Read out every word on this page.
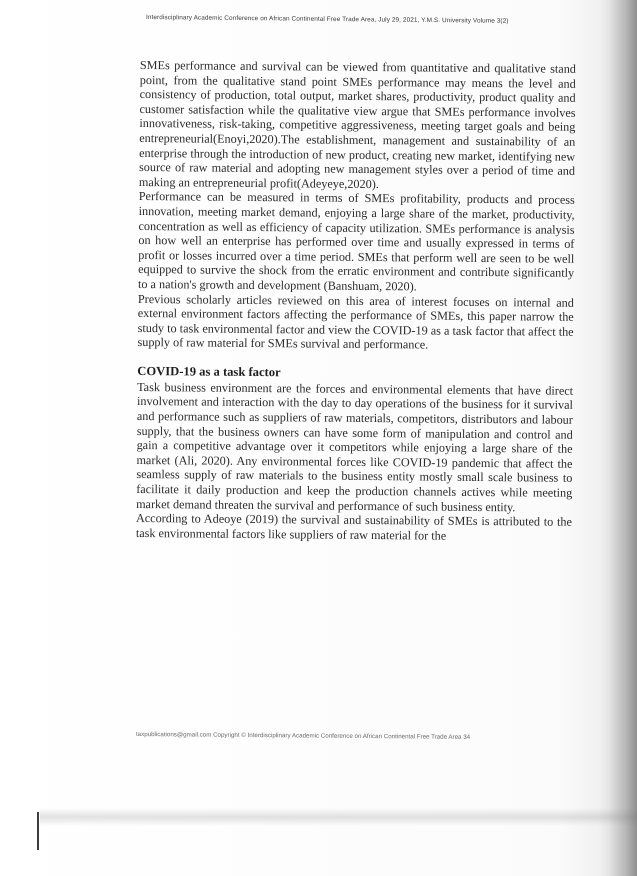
Interdisciplinary Academic Conference on African Continental Free Trade Area, July 29, 2021, Y.M.S. University Volume 3(2)

SMEs performance and survival can be viewed from quantitative and qualitative stand point, from the qualitative stand point SMEs performance may means the level and consistency of production, total output, market shares, productivity, product quality and customer satisfaction while the qualitative view argue that SMEs performance involves innovativeness, risk-taking, competitive aggressiveness, meeting target goals and being entrepreneurial(Enoyi,2020).The establishment, management and sustainability of an enterprise through the introduction of new product, creating new market, identifying new source of raw material and adopting new management styles over a period of time and making an entrepreneurial profit(Adeyeye,2020).

Performance can be measured in terms of SMEs profitability, products and process innovation, meeting market demand, enjoying a large share of the market, productivity, concentration as well as efficiency of capacity utilization. SMEs performance is analysis on how well an enterprise has performed over time and usually expressed in terms of profit or losses incurred over a time period. SMEs that perform well are seen to be well equipped to survive the shock from the erratic environment and contribute significantly to a nation's growth and development (Banshuam, 2020).

Previous scholarly articles reviewed on this area of interest focuses on internal and external environment factors affecting the performance of SMEs, this paper narrow the study to task environmental factor and view the COVID-19 as a task factor that affect the supply of raw material for SMEs survival and performance.

COVID-19 as a task factor

Task business environment are the forces and environmental elements that have direct involvement and interaction with the day to day operations of the business for it survival and performance such as suppliers of raw materials, competitors, distributors and labour supply, that the business owners can have some form of manipulation and control and gain a competitive advantage over it competitors while enjoying a large share of the market (Ali, 2020). Any environmental forces like COVID-19 pandemic that affect the seamless supply of raw materials to the business entity mostly small scale business to facilitate it daily production and keep the production channels actives while meeting market demand threaten the survival and performance of such business entity.

According to Adeoye (2019) the survival and sustainability of SMEs is attributed to the task environmental factors like suppliers of raw material for the

taxpublications@gmail.com Copyright © Interdisciplinary Academic Conference on African Continental Free Trade Area 34
